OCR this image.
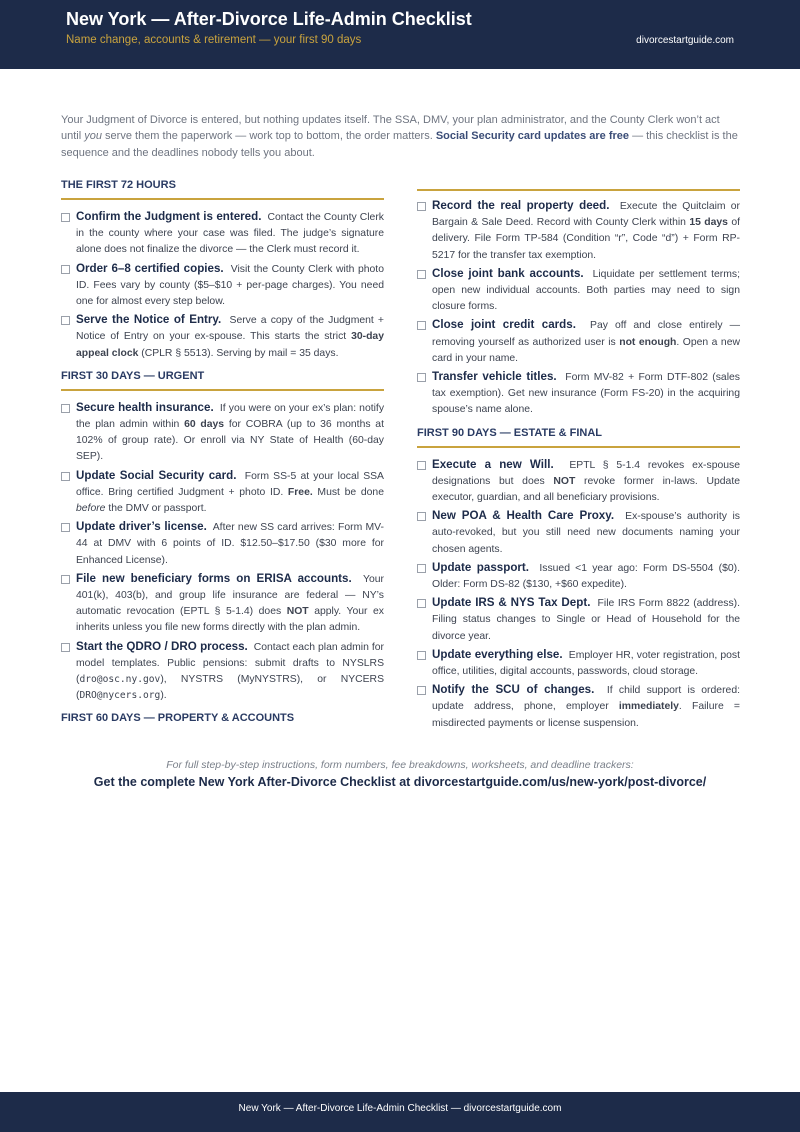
New York — After-Divorce Life-Admin Checklist
Name change, accounts & retirement — your first 90 days	divorcestartguide.com
Your Judgment of Divorce is entered, but nothing updates itself. The SSA, DMV, your plan administrator, and the County Clerk won’t act until you serve them the paperwork — work top to bottom, the order matters. Social Security card updates are free — this checklist is the sequence and the deadlines nobody tells you about.
THE FIRST 72 HOURS
Confirm the Judgment is entered. Contact the County Clerk in the county where your case was filed. The judge’s signature alone does not finalize the divorce — the Clerk must record it.
Order 6–8 certified copies. Visit the County Clerk with photo ID. Fees vary by county ($5–$10 + per-page charges). You need one for almost every step below.
Serve the Notice of Entry. Serve a copy of the Judgment + Notice of Entry on your ex-spouse. This starts the strict 30-day appeal clock (CPLR § 5513). Serving by mail = 35 days.
FIRST 30 DAYS — URGENT
Secure health insurance. If you were on your ex’s plan: notify the plan admin within 60 days for COBRA (up to 36 months at 102% of group rate). Or enroll via NY State of Health (60-day SEP).
Update Social Security card. Form SS-5 at your local SSA office. Bring certified Judgment + photo ID. Free. Must be done before the DMV or passport.
Update driver’s license. After new SS card arrives: Form MV-44 at DMV with 6 points of ID. $12.50–$17.50 ($30 more for Enhanced License).
File new beneficiary forms on ERISA accounts. Your 401(k), 403(b), and group life insurance are federal — NY’s automatic revocation (EPTL § 5-1.4) does NOT apply. Your ex inherits unless you file new forms directly with the plan admin.
Start the QDRO / DRO process. Contact each plan admin for model templates. Public pensions: submit drafts to NYSLRS (dro@osc.ny.gov), NYSTRS (MyNYSTRS), or NYCERS (DRO@nycers.org).
FIRST 60 DAYS — PROPERTY & ACCOUNTS
Record the real property deed. Execute the Quitclaim or Bargain & Sale Deed. Record with County Clerk within 15 days of delivery. File Form TP-584 (Condition “r”, Code “d”) + Form RP-5217 for the transfer tax exemption.
Close joint bank accounts. Liquidate per settlement terms; open new individual accounts. Both parties may need to sign closure forms.
Close joint credit cards. Pay off and close entirely — removing yourself as authorized user is not enough. Open a new card in your name.
Transfer vehicle titles. Form MV-82 + Form DTF-802 (sales tax exemption). Get new insurance (Form FS-20) in the acquiring spouse’s name alone.
FIRST 90 DAYS — ESTATE & FINAL
Execute a new Will. EPTL § 5-1.4 revokes ex-spouse designations but does NOT revoke former in-laws. Update executor, guardian, and all beneficiary provisions.
New POA & Health Care Proxy. Ex-spouse’s authority is auto-revoked, but you still need new documents naming your chosen agents.
Update passport. Issued <1 year ago: Form DS-5504 ($0). Older: Form DS-82 ($130, +$60 expedite).
Update IRS & NYS Tax Dept. File IRS Form 8822 (address). Filing status changes to Single or Head of Household for the divorce year.
Update everything else. Employer HR, voter registration, post office, utilities, digital accounts, passwords, cloud storage.
Notify the SCU of changes. If child support is ordered: update address, phone, employer immediately. Failure = misdirected payments or license suspension.
For full step-by-step instructions, form numbers, fee breakdowns, worksheets, and deadline trackers:
Get the complete New York After-Divorce Checklist at divorcestartguide.com/us/new-york/post-divorce/
New York — After-Divorce Life-Admin Checklist — divorcestartguide.com
